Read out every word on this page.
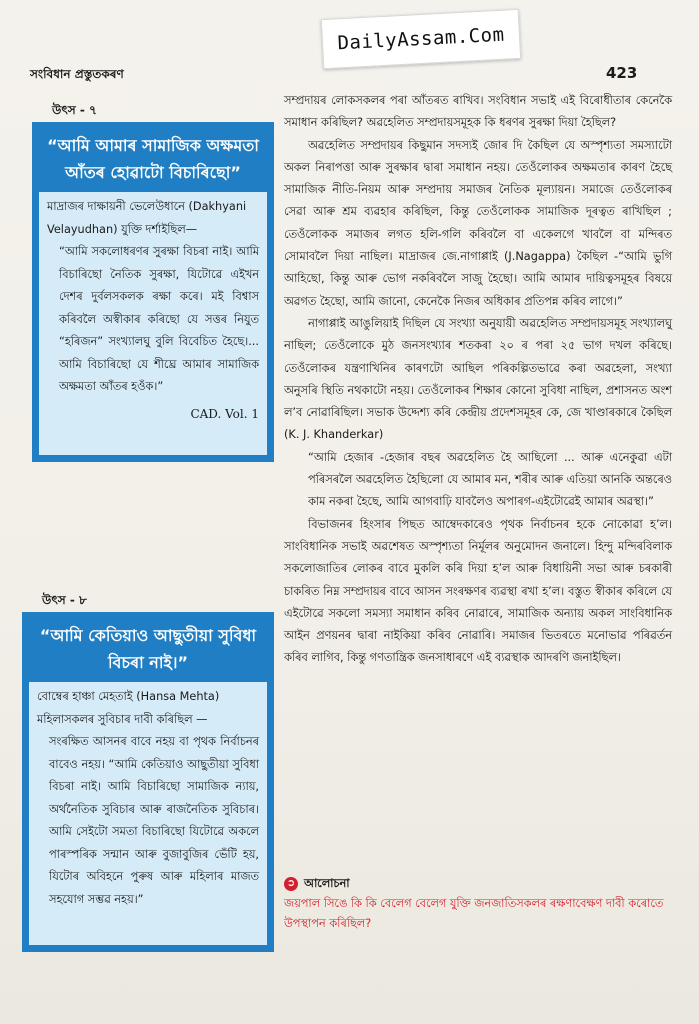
DailyAssam.Com
সংবিধান প্ৰস্তুতকৰণ	423
উৎস - ৭
“আমি আমাৰ সামাজিক অক্ষমতা আঁতৰ হোৱাটো বিচাৰিছো”
মাদ্ৰাজৰ দাক্ষায়নী ভেলেউধানে (Dakhyani Velayudhan) যুক্তি দৰ্শাইছিল—
“আমি সকলোধৰণৰ সুৰক্ষা বিচৰা নাই। আমি বিচাৰিছো নৈতিক সুৰক্ষা, যিটোৱে এইখন দেশৰ দুৰ্বলসকলক ৰক্ষা কৰে। মই বিশ্বাস কৰিবলৈ অস্বীকাৰ কৰিছো যে সত্তৰ নিযুত “হৰিজন” সংখ্যালঘু বুলি বিবেচিত হৈছে।... আমি বিচাৰিছো যে শীঘ্ৰে আমাৰ সামাজিক অক্ষমতা আঁতৰ হওঁক।”
CAD. Vol. 1
উৎস - ৮
“আমি কেতিয়াও আছুতীয়া সুবিধা বিচৰা নাই।”
বোম্বেৰ হাঞ্চা মেহতাই (Hansa Mehta) মহিলাসকলৰ সুবিচাৰ দাবী কৰিছিল —
সংৰক্ষিত আসনৰ বাবে নহয় বা পৃথক নিৰ্বাচনৰ বাবেও নহয়। “আমি কেতিয়াও আছুতীয়া সুবিধা বিচৰা নাই। আমি বিচাৰিছো সামাজিক ন্যায়, অৰ্থনৈতিক সুবিচাৰ আৰু ৰাজনৈতিক সুবিচাৰ। আমি সেইটো সমতা বিচাৰিছো যিটোৱে অকলে পাৰস্পৰিক সন্মান আৰু বুজাবুজিৰ ভেঁটি হয়, যিটোৰ অবিহনে পুৰুষ আৰু মহিলাৰ মাজত সহযোগ সম্ভৱ নহয়।”

সম্প্ৰদায়ৰ লোকসকলৰ পৰা আঁতৰত ৰাখিব। সংবিধান সভাই এই বিৰোধীতাৰ কেনেকৈ সমাধান কৰিছিল? অৱহেলিত সম্প্ৰদায়সমূহক কি ধৰণৰ সুৰক্ষা দিয়া হৈছিল?

অৱহেলিত সম্প্ৰদায়ৰ কিছুমান সদস্যই জোৰ দি কৈছিল যে অস্পৃশ্যতা সমস্যাটো অকল নিৰাপত্তা আৰু সুৰক্ষাৰ দ্বাৰা সমাধান নহয়। তেওঁলোকৰ অক্ষমতাৰ কাৰণ হৈছে সামাজিক নীতি-নিয়ম আৰু সম্প্ৰদায় সমাজৰ নৈতিক মূল্যায়ন। সমাজে তেওঁলোকৰ সেৱা আৰু শ্ৰম ব্যৱহাৰ কৰিছিল, কিন্তু তেওঁলোকক সামাজিক দূৰত্বত ৰাখিছিল ; তেওঁলোকক সমাজৰ লগত হলি-গলি কৰিবলৈ বা একেলগে খাবলৈ বা মন্দিৰত সোমাবলৈ দিয়া নাছিল। মাদ্ৰাজৰ জে.নাগাপ্পাই (J.Nagappa) কৈছিল -“আমি ভুগি আহিছো, কিন্তু আৰু ভোগ নকৰিবলৈ সাজু হৈছো। আমি আমাৰ দায়িত্বসমূহৰ বিষয়ে অৱগত হৈছো, আমি জানো, কেনেকৈ নিজৰ অধিকাৰ প্ৰতিপন্ন কৰিব লাগে।”

নাগাপ্পাই আঙুলিয়াই দিছিল যে সংখ্যা অনুযায়ী অৱহেলিত সম্প্ৰদায়সমূহ সংখ্যালঘু নাছিল; তেওঁলোকে মুঠ জনসংখ্যাৰ শতকৰা ২০ ৰ পৰা ২৫ ভাগ দখল কৰিছে। তেওঁলোকৰ যন্ত্ৰণাখিনিৰ কাৰণটো আছিল পৰিকল্পিতভাৱে কৰা অৱহেলা, সংখ্যা অনুসৰি স্থিতি নথকাটো নহয়। তেওঁলোকৰ শিক্ষাৰ কোনো সুবিধা নাছিল, প্ৰশাসনত অংশ ল’ব নোৱাৰিছিল। সভাক উদ্দেশ্য কৰি কেন্দ্ৰীয় প্ৰদেশসমূহৰ কে, জে খাণ্ডাৰকাৰে কৈছিল (K. J. Khanderkar)

“আমি হেজাৰ -হেজাৰ বছৰ অৱহেলিত হৈ আছিলো ... আৰু এনেকুৱা এটা পৰিসৰলৈ অৱহেলিত হৈছিলো যে আমাৰ মন, শৰীৰ আৰু এতিয়া আনকি অন্তৰেও কাম নকৰা হৈছে, আমি আগবাঢ়ি যাবলৈও অপাৰগ-এইটোৱেই আমাৰ অৱস্থা।”

বিভাজনৰ হিংসাৰ পিছত আম্বেদকাৰেও পৃথক নিৰ্বাচনৰ হকে নোকোৱা হ’ল। সাংবিধানিক সভাই অৱশেষত অস্পৃশ্যতা নিৰ্মূলৰ অনুমোদন জনালে। হিন্দু মন্দিৰবিলাক সকলোজাতিৰ লোকৰ বাবে মুকলি কৰি দিয়া হ’ল আৰু বিধায়িনী সভা আৰু চৰকাৰী চাকৰিত নিম্ন সম্প্ৰদায়ৰ বাবে আসন সংৰক্ষণৰ ব্যৱস্থা ৰখা হ’ল। বস্তুত স্বীকাৰ কৰিলে যে এইটোৱে সকলো সমস্যা সমাধান কৰিব নোৱাৰে, সামাজিক অন্যায় অকল সাংবিধানিক আইন প্ৰণয়নৰ দ্বাৰা নাইকিয়া কৰিব নোৱাৰি। সমাজৰ ভিতৰতে মনোভাৱ পৰিৱৰ্তন কৰিব লাগিব, কিন্তু গণতান্ত্ৰিক জনসাধাৰণে এই ব্যৱস্থাক আদৰণি জনাইছিল।

➲ আলোচনা
জয়পাল সিঙে কি কি বেলেগ বেলেগ যুক্তি জনজাতিসকলৰ ৰক্ষণাবেক্ষণ দাবী কৰোতে উপস্থাপন কৰিছিল?
